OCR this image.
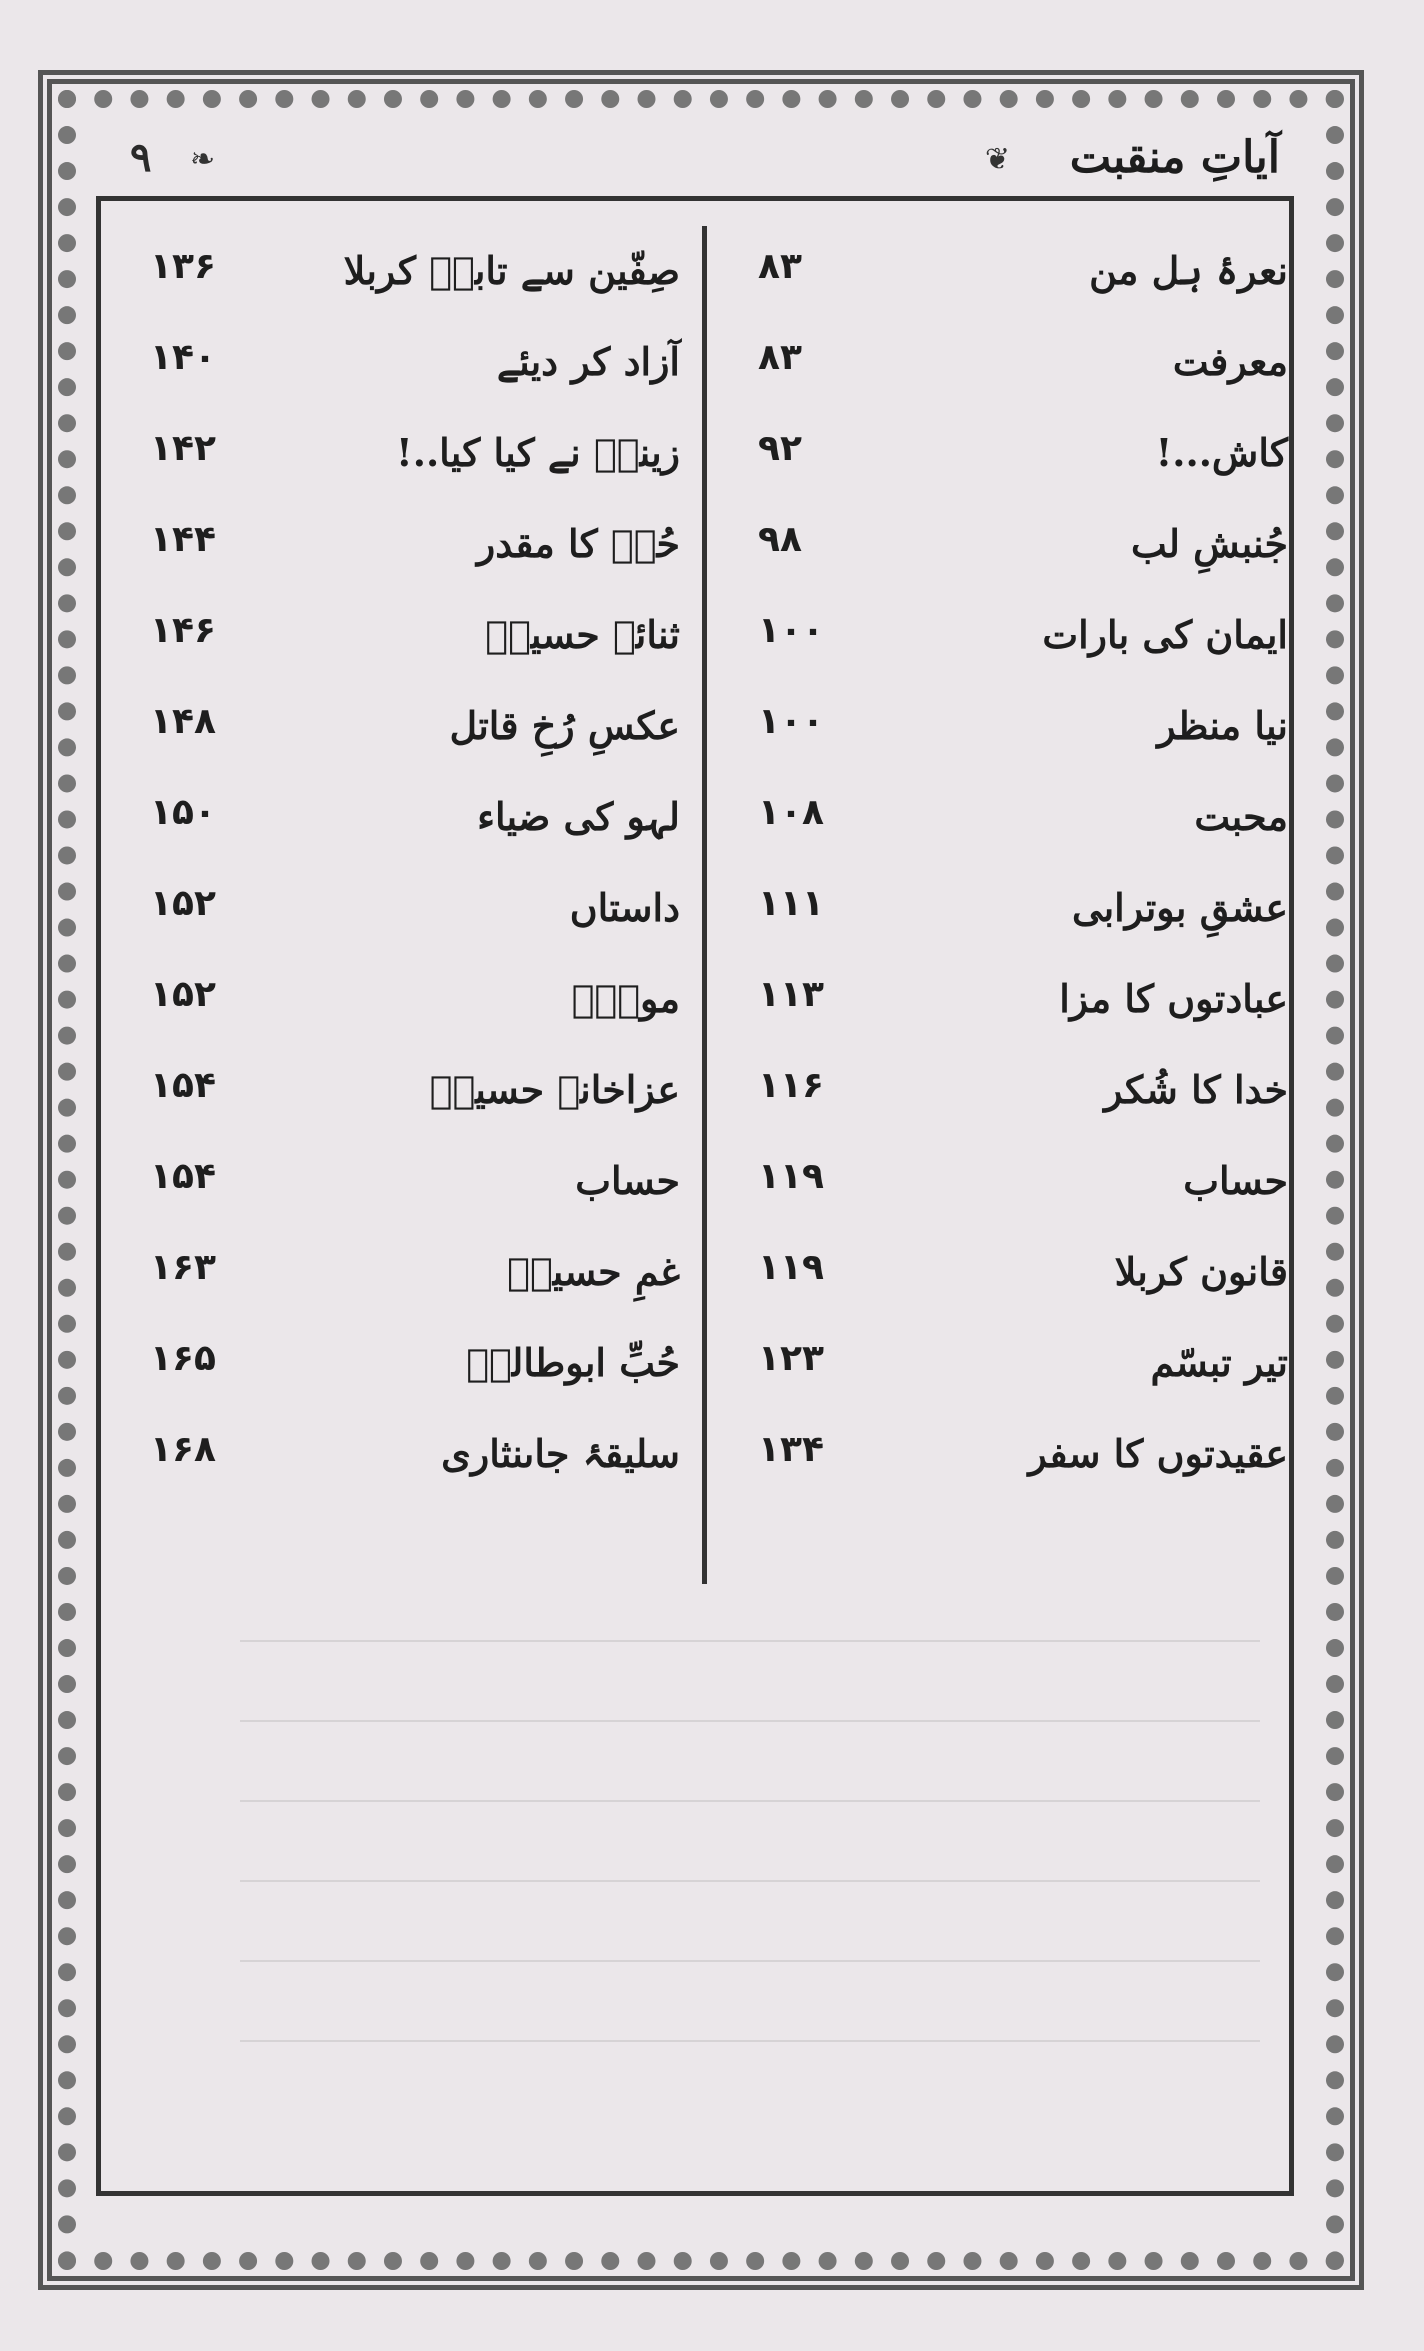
آیاتِ منقبت
❦
❧
۹
نعرۂ ہل من
۸۳
معرفت
۸۳
کاش...!
۹۲
جُنبشِ لب
۹۸
ایمان کی بارات
۱۰۰
نیا منظر
۱۰۰
محبت
۱۰۸
عشقِ بوترابی
۱۱۱
عبادتوں کا مزا
۱۱۳
خدا کا شُکر
۱۱۶
حساب
۱۱۹
قانون کربلا
۱۱۹
تیر تبسّم
۱۲۳
عقیدتوں کا سفر
۱۳۴
صِفّین سے تابہٗ کربلا
۱۳۶
آزاد کر دیئے
۱۴۰
زینبؑ نے کیا کیا..!
۱۴۲
حُرؑ کا مقدر
۱۴۴
ثنائے حسینؑ
۱۴۶
عکسِ رُخِ قاتل
۱۴۸
لہو کی ضیاء
۱۵۰
داستاں
۱۵۲
مولاؑ
۱۵۲
عزاخانہ حسینؑ
۱۵۴
حساب
۱۵۴
غمِ حسینؑ
۱۶۳
حُبِّ ابوطالبؑ
۱۶۵
سلیقۂ جاںنثاری
۱۶۸
